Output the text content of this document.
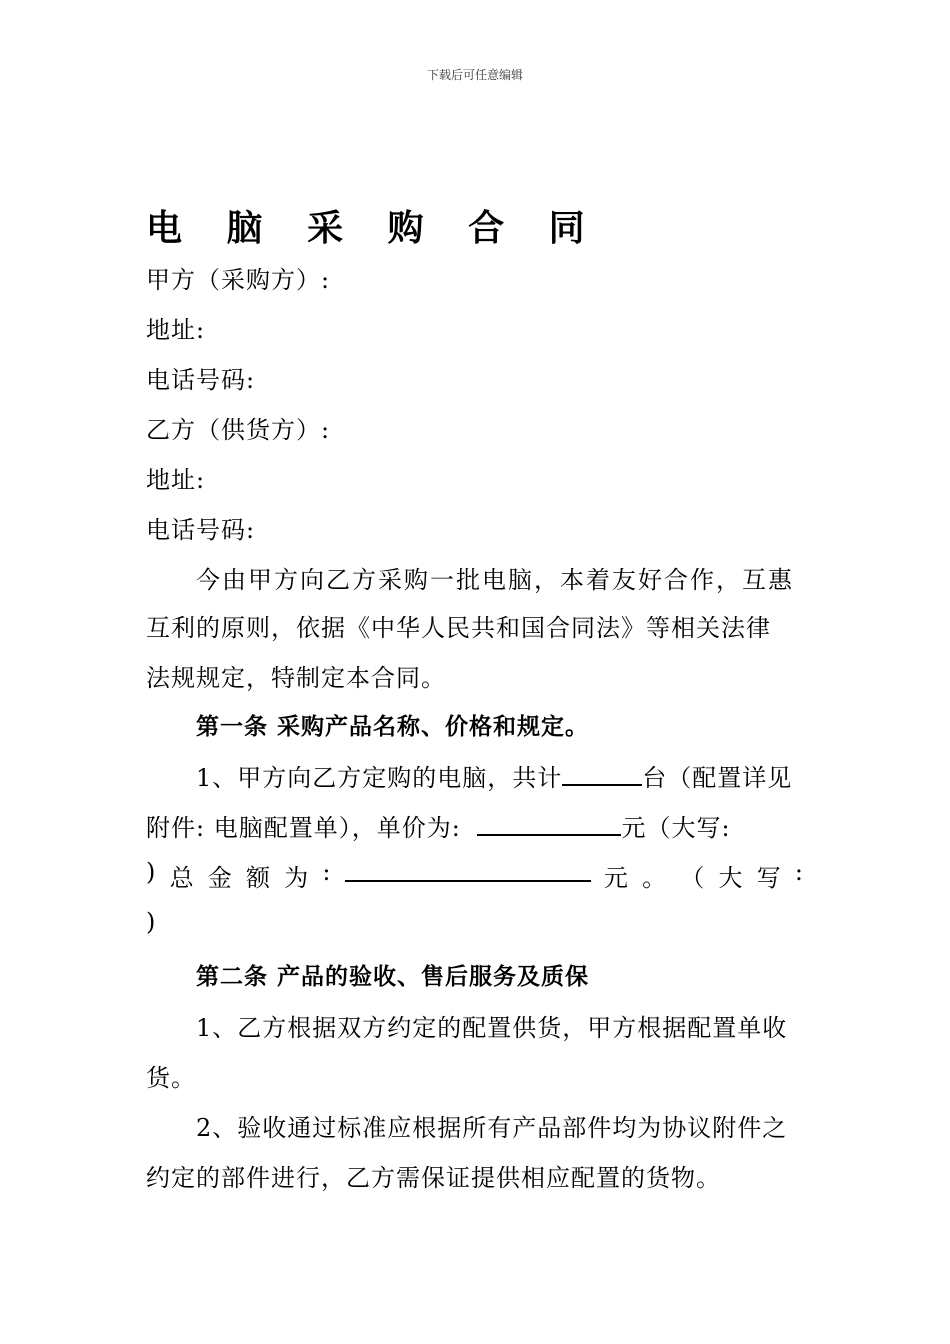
下载后可任意编辑
电 脑 采 购 合 同
甲方（采购方）:
地址:
电话号码:
乙方（供货方）:
地址:
电话号码:
今由甲方向乙方采购一批电脑，本着友好合作，互惠
互利的原则，依据《中华人民共和国合同法》等相关法律
法规规定，特制定本合同。
第一条 采购产品名称、价格和规定。
1、甲方向乙方定购的电脑，共计	台（配置详见
附件: 电脑配置单），单价为:	元（大写:
) 总 金 额 为 :	元 。 （ 大 写 :
)
第二条 产品的验收、售后服务及质保
1、乙方根据双方约定的配置供货，甲方根据配置单收
货。
2、验收通过标准应根据所有产品部件均为协议附件之
约定的部件进行，乙方需保证提供相应配置的货物。
